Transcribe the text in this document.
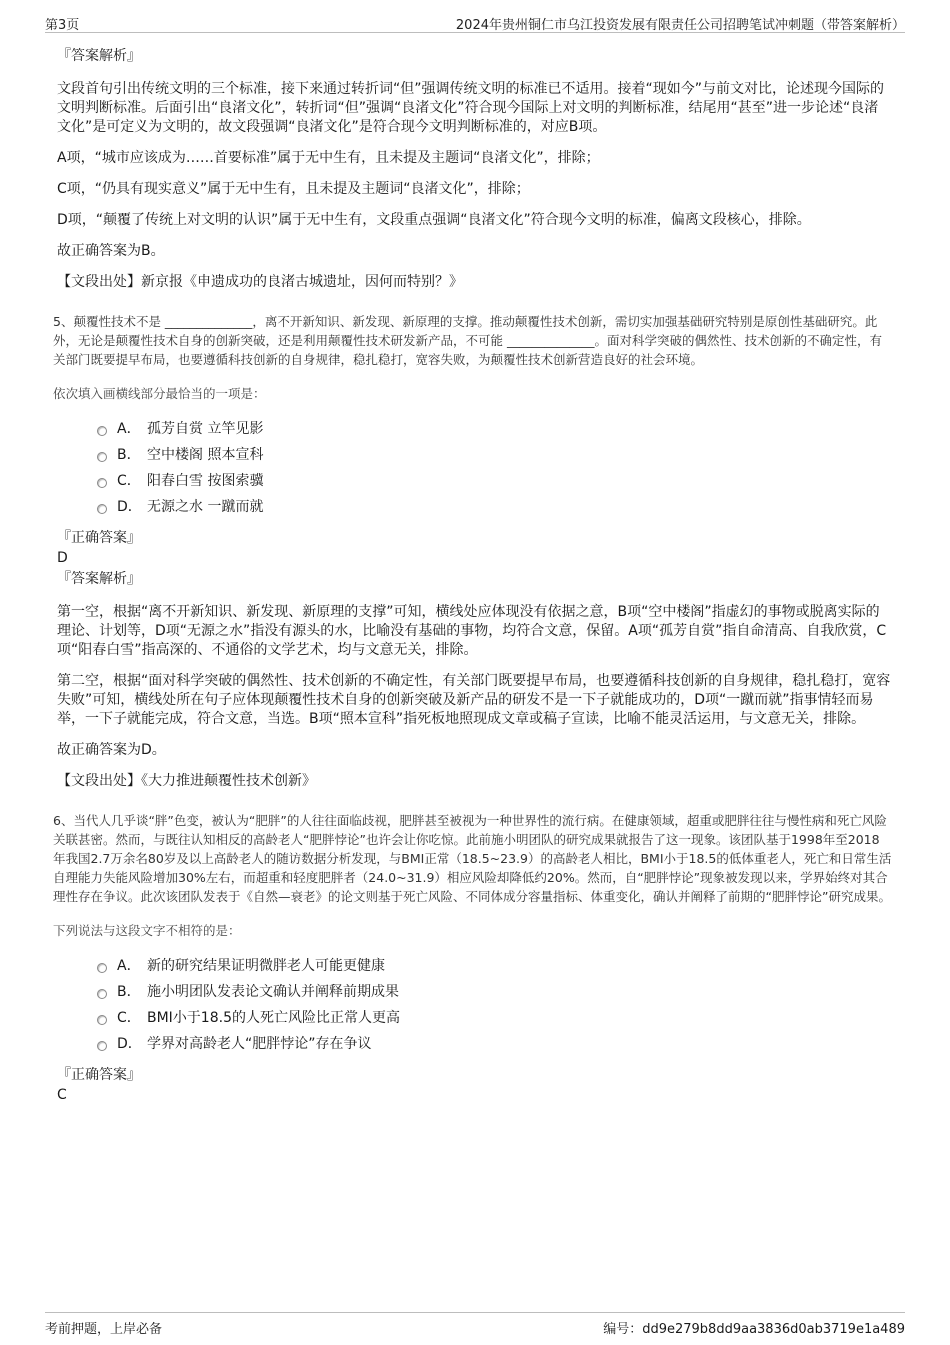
第3页	2024年贵州铜仁市乌江投资发展有限责任公司招聘笔试冲刺题（带答案解析）

『答案解析』

文段首句引出传统文明的三个标准，接下来通过转折词“但”强调传统文明的标准已不适用。接着“现如今”与前文对比，论述现今国际的文明判断标准。后面引出“良渚文化”，转折词“但”强调“良渚文化”符合现今国际上对文明的判断标准，结尾用“甚至”进一步论述“良渚文化”是可定义为文明的，故文段强调“良渚文化”是符合现今文明判断标准的，对应B项。

A项，“城市应该成为……首要标准”属于无中生有，且未提及主题词“良渚文化”，排除；

C项，“仍具有现实意义”属于无中生有，且未提及主题词“良渚文化”，排除；

D项，“颠覆了传统上对文明的认识”属于无中生有，文段重点强调“良渚文化”符合现今文明的标准，偏离文段核心，排除。

故正确答案为B。

【文段出处】新京报《申遗成功的良渚古城遗址，因何而特别？》

5、颠覆性技术不是 ______________，离不开新知识、新发现、新原理的支撑。推动颠覆性技术创新，需切实加强基础研究特别是原创性基础研究。此外，无论是颠覆性技术自身的创新突破，还是利用颠覆性技术研发新产品，不可能 ______________。面对科学突破的偶然性、技术创新的不确定性，有关部门既要提早布局，也要遵循科技创新的自身规律，稳扎稳打，宽容失败，为颠覆性技术创新营造良好的社会环境。

依次填入画横线部分最恰当的一项是：

A． 孤芳自赏 立竿见影
B． 空中楼阁 照本宣科
C． 阳春白雪 按图索骥
D． 无源之水 一蹴而就

『正确答案』

D

『答案解析』

第一空，根据“离不开新知识、新发现、新原理的支撑”可知，横线处应体现没有依据之意，B项“空中楼阁”指虚幻的事物或脱离实际的理论、计划等，D项“无源之水”指没有源头的水，比喻没有基础的事物，均符合文意，保留。A项“孤芳自赏”指自命清高、自我欣赏，C项“阳春白雪”指高深的、不通俗的文学艺术，均与文意无关，排除。

第二空，根据“面对科学突破的偶然性、技术创新的不确定性，有关部门既要提早布局，也要遵循科技创新的自身规律，稳扎稳打，宽容失败”可知，横线处所在句子应体现颠覆性技术自身的创新突破及新产品的研发不是一下子就能成功的，D项“一蹴而就”指事情轻而易举，一下子就能完成，符合文意，当选。B项“照本宣科”指死板地照现成文章或稿子宣读，比喻不能灵活运用，与文意无关，排除。

故正确答案为D。

【文段出处】《大力推进颠覆性技术创新》

6、当代人几乎谈“胖”色变，被认为“肥胖”的人往往面临歧视，肥胖甚至被视为一种世界性的流行病。在健康领域，超重或肥胖往往与慢性病和死亡风险关联甚密。然而，与既往认知相反的高龄老人“肥胖悖论”也许会让你吃惊。此前施小明团队的研究成果就报告了这一现象。该团队基于1998年至2018年我国2.7万余名80岁及以上高龄老人的随访数据分析发现，与BMI正常（18.5~23.9）的高龄老人相比，BMI小于18.5的低体重老人，死亡和日常生活自理能力失能风险增加30%左右，而超重和轻度肥胖者（24.0~31.9）相应风险却降低约20%。然而，自“肥胖悖论”现象被发现以来，学界始终对其合理性存在争议。此次该团队发表于《自然—衰老》的论文则基于死亡风险、不同体成分容量指标、体重变化，确认并阐释了前期的“肥胖悖论”研究成果。

下列说法与这段文字不相符的是：

A． 新的研究结果证明微胖老人可能更健康
B． 施小明团队发表论文确认并阐释前期成果
C． BMI小于18.5的人死亡风险比正常人更高
D． 学界对高龄老人“肥胖悖论”存在争议

『正确答案』

C

考前押题，上岸必备	编号：dd9e279b8dd9aa3836d0ab3719e1a489
